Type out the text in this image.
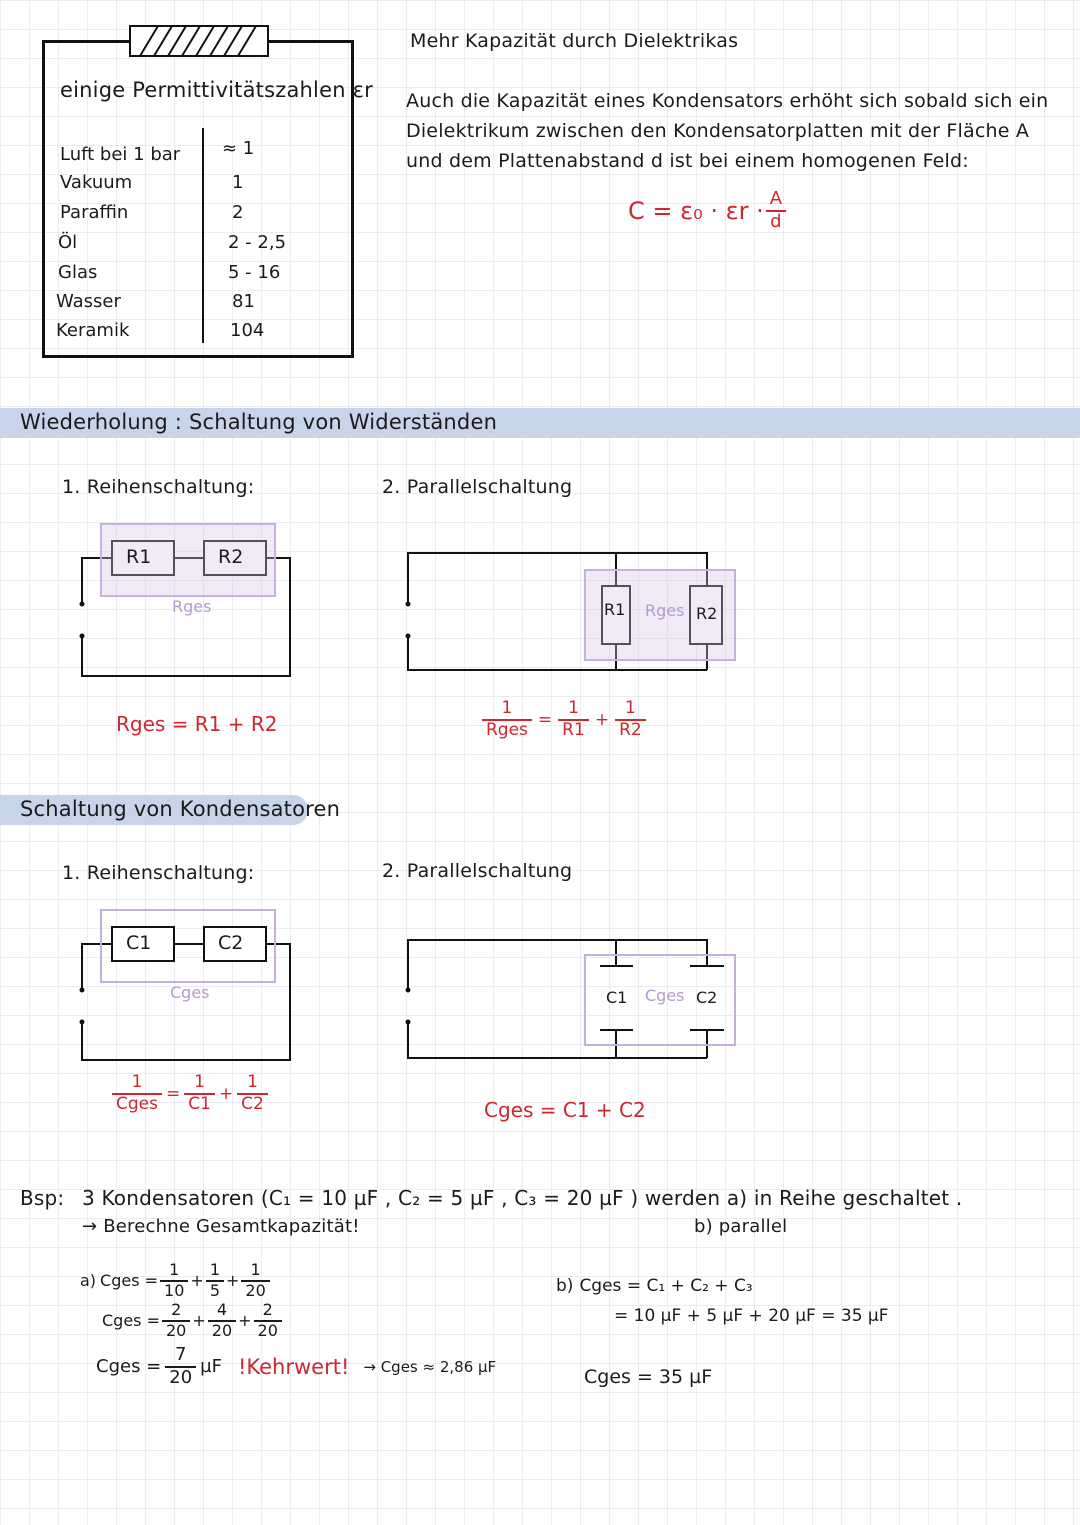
einige Permittivitätszahlen εr
Luft bei 1 bar ≈ 1
Vakuum	1
Paraffin	2
Öl	2 - 2,5
Glas	5 - 16
Wasser	81
Keramik	104
Mehr Kapazität durch Dielektrikas
Auch die Kapazität eines Kondensators erhöht sich sobald sich ein
Dielektrikum zwischen den Kondensatorplatten mit der Fläche A
und dem Plattenabstand d ist bei einem homogenen Feld:
$C = \varepsilon_0 \cdot \varepsilon r \cdot \frac{A}{d}$
Wiederholung : Schaltung von Widerständen
1. Reihenschaltung:	2. Parallelschaltung
R1	R2
Rges	R1	R2
Rges
Rges = R1 + R2	$\frac{1}{\text{Rges}} = \frac{1}{R1} + \frac{1}{R2}$
Schaltung von Kondensatoren
1. Reihenschaltung:	2. Parallelschaltung
C1	C2
Cges	C1	C2
Cges
$\frac{1}{\text{Cges}} = \frac{1}{C1} + \frac{1}{C2}$	Cges = C1 + C2
Bsp: 3 Kondensatoren (C₁ = 10 µF , C₂ = 5 µF , C₃ = 20 µF ) werden a) in Reihe geschaltet .
→ Berechne Gesamtkapazität!	b) parallel
a) Cges = $\frac{1}{10} + \frac{1}{5} + \frac{1}{20}$
Cges = $\frac{2}{20} + \frac{4}{20} + \frac{2}{20}$
Cges = $\frac{7}{20}$ µF !Kehrwert! → Cges ≈ 2,86 µF
b) Cges = C₁ + C₂ + C₃
= 10 µF + 5 µF + 20 µF = 35 µF
Cges = 35 µF
